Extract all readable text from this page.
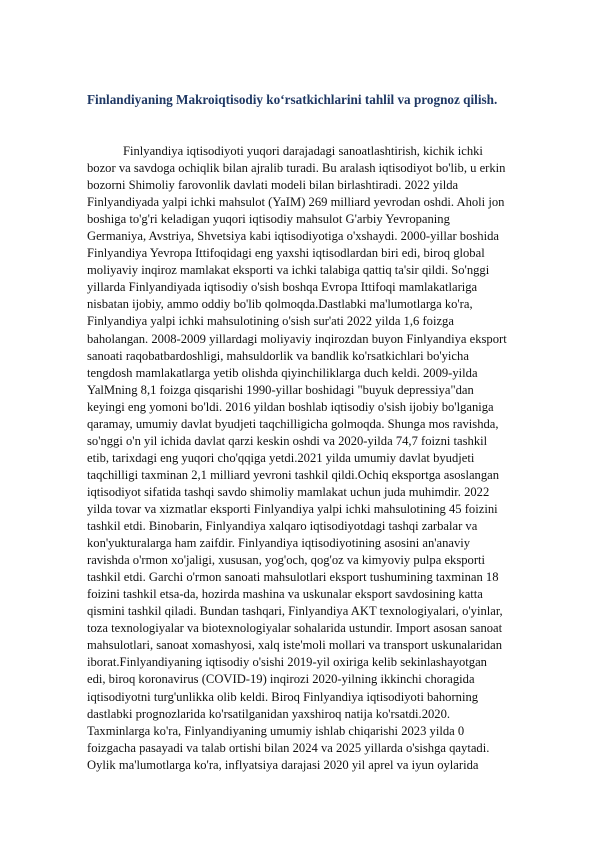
Finlandiyaning Makroiqtisodiy ko‘rsatkichlarini tahlil va prognoz qilish.
Finlyandiya iqtisodiyoti yuqori darajadagi sanoatlashtirish, kichik ichki
bozor va savdoga ochiqlik bilan ajralib turadi. Bu aralash iqtisodiyot bo'lib, u erkin
bozorni Shimoliy farovonlik davlati modeli bilan birlashtiradi. 2022 yilda
Finlyandiyada yalpi ichki mahsulot (YaIM) 269 milliard yevrodan oshdi. Aholi jon
boshiga to'g'ri keladigan yuqori iqtisodiy mahsulot G'arbiy Yevropaning
Germaniya, Avstriya, Shvetsiya kabi iqtisodiyotiga o'xshaydi. 2000-yillar boshida
Finlyandiya Yevropa Ittifoqidagi eng yaxshi iqtisodlardan biri edi, biroq global
moliyaviy inqiroz mamlakat eksporti va ichki talabiga qattiq ta'sir qildi. So'nggi
yillarda Finlyandiyada iqtisodiy o'sish boshqa Evropa Ittifoqi mamlakatlariga
nisbatan ijobiy, ammo oddiy bo'lib qolmoqda.Dastlabki ma'lumotlarga ko'ra,
Finlyandiya yalpi ichki mahsulotining o'sish sur'ati 2022 yilda 1,6 foizga
baholangan. 2008-2009 yillardagi moliyaviy inqirozdan buyon Finlyandiya eksport
sanoati raqobatbardoshligi, mahsuldorlik va bandlik ko'rsatkichlari bo'yicha
tengdosh mamlakatlarga yetib olishda qiyinchiliklarga duch keldi. 2009-yilda
YalMning 8,1 foizga qisqarishi 1990-yillar boshidagi "buyuk depressiya"dan
keyingi eng yomoni bo'ldi. 2016 yildan boshlab iqtisodiy o'sish ijobiy bo'lganiga
qaramay, umumiy davlat byudjeti taqchilligicha golmoqda. Shunga mos ravishda,
so'nggi o'n yil ichida davlat qarzi keskin oshdi va 2020-yilda 74,7 foizni tashkil
etib, tarixdagi eng yuqori cho'qqiga yetdi.2021 yilda umumiy davlat byudjeti
taqchilligi taxminan 2,1 milliard yevroni tashkil qildi.Ochiq eksportga asoslangan
iqtisodiyot sifatida tashqi savdo shimoliy mamlakat uchun juda muhimdir. 2022
yilda tovar va xizmatlar eksporti Finlyandiya yalpi ichki mahsulotining 45 foizini
tashkil etdi. Binobarin, Finlyandiya xalqaro iqtisodiyotdagi tashqi zarbalar va
kon'yukturalarga ham zaifdir. Finlyandiya iqtisodiyotining asosini an'anaviy
ravishda o'rmon xo'jaligi, xususan, yog'och, qog'oz va kimyoviy pulpa eksporti
tashkil etdi. Garchi o'rmon sanoati mahsulotlari eksport tushumining taxminan 18
foizini tashkil etsa-da, hozirda mashina va uskunalar eksport savdosining katta
qismini tashkil qiladi. Bundan tashqari, Finlyandiya AKT texnologiyalari, o'yinlar,
toza texnologiyalar va biotexnologiyalar sohalarida ustundir. Import asosan sanoat
mahsulotlari, sanoat xomashyosi, xalq iste'moli mollari va transport uskunalaridan
iborat.Finlyandiyaning iqtisodiy o'sishi 2019-yil oxiriga kelib sekinlashayotgan
edi, biroq koronavirus (COVID-19) inqirozi 2020-yilning ikkinchi choragida
iqtisodiyotni turg'unlikka olib keldi. Biroq Finlyandiya iqtisodiyoti bahorning
dastlabki prognozlarida ko'rsatilganidan yaxshiroq natija ko'rsatdi.2020.
Taxminlarga ko'ra, Finlyandiyaning umumiy ishlab chiqarishi 2023 yilda 0
foizgacha pasayadi va talab ortishi bilan 2024 va 2025 yillarda o'sishga qaytadi.
Oylik ma'lumotlarga ko'ra, inflyatsiya darajasi 2020 yil aprel va iyun oylarida
